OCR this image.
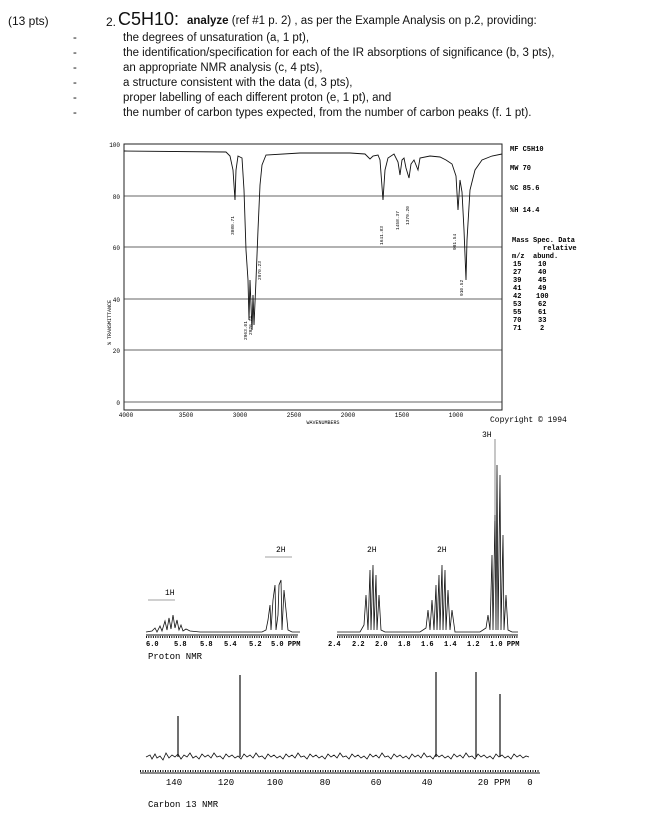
(13 pts)	2. C5H10: analyze (ref #1 p. 2) , as per the Example Analysis on p.2, providing:
-	the degrees of unsaturation (a, 1 pt),
-	the identification/specification for each of the IR absorptions of significance (b, 3 pts),
-	an appropriate NMR analysis (c, 4 pts),
-	a structure consistent with the data (d, 3 pts),
-	proper labelling of each different proton (e, 1 pt), and
-	the number of carbon types expected, from the number of carbon peaks (f. 1 pt).
100
80
60
40
20
0
% TRANSMITTANCE
4000	3500	3000	2500	2000	1500	1000
WAVENUMBERS
3080.71
2970.23
2963.01 2926.74
1641.83
1458.37 1379.20
991.54
910.52
MF C5H10
MW 70
%C 85.6
%H 14.4
Mass Spec. Data
relative
m/z abund.
15 10
27 40
39 45
41 49
42 100
53 62
55 61
70 33
71	2
Copyright © 1994
1H
2H	2H	2H
3H
6.0 5.8 5.8 5.4 5.2 5.0 PPM
Proton NMR
2.4 2.2 2.0 1.8 1.6 1.4 1.2 1.0 PPM
140	120	100	80	60	40	20 PPM 0
Carbon 13 NMR
